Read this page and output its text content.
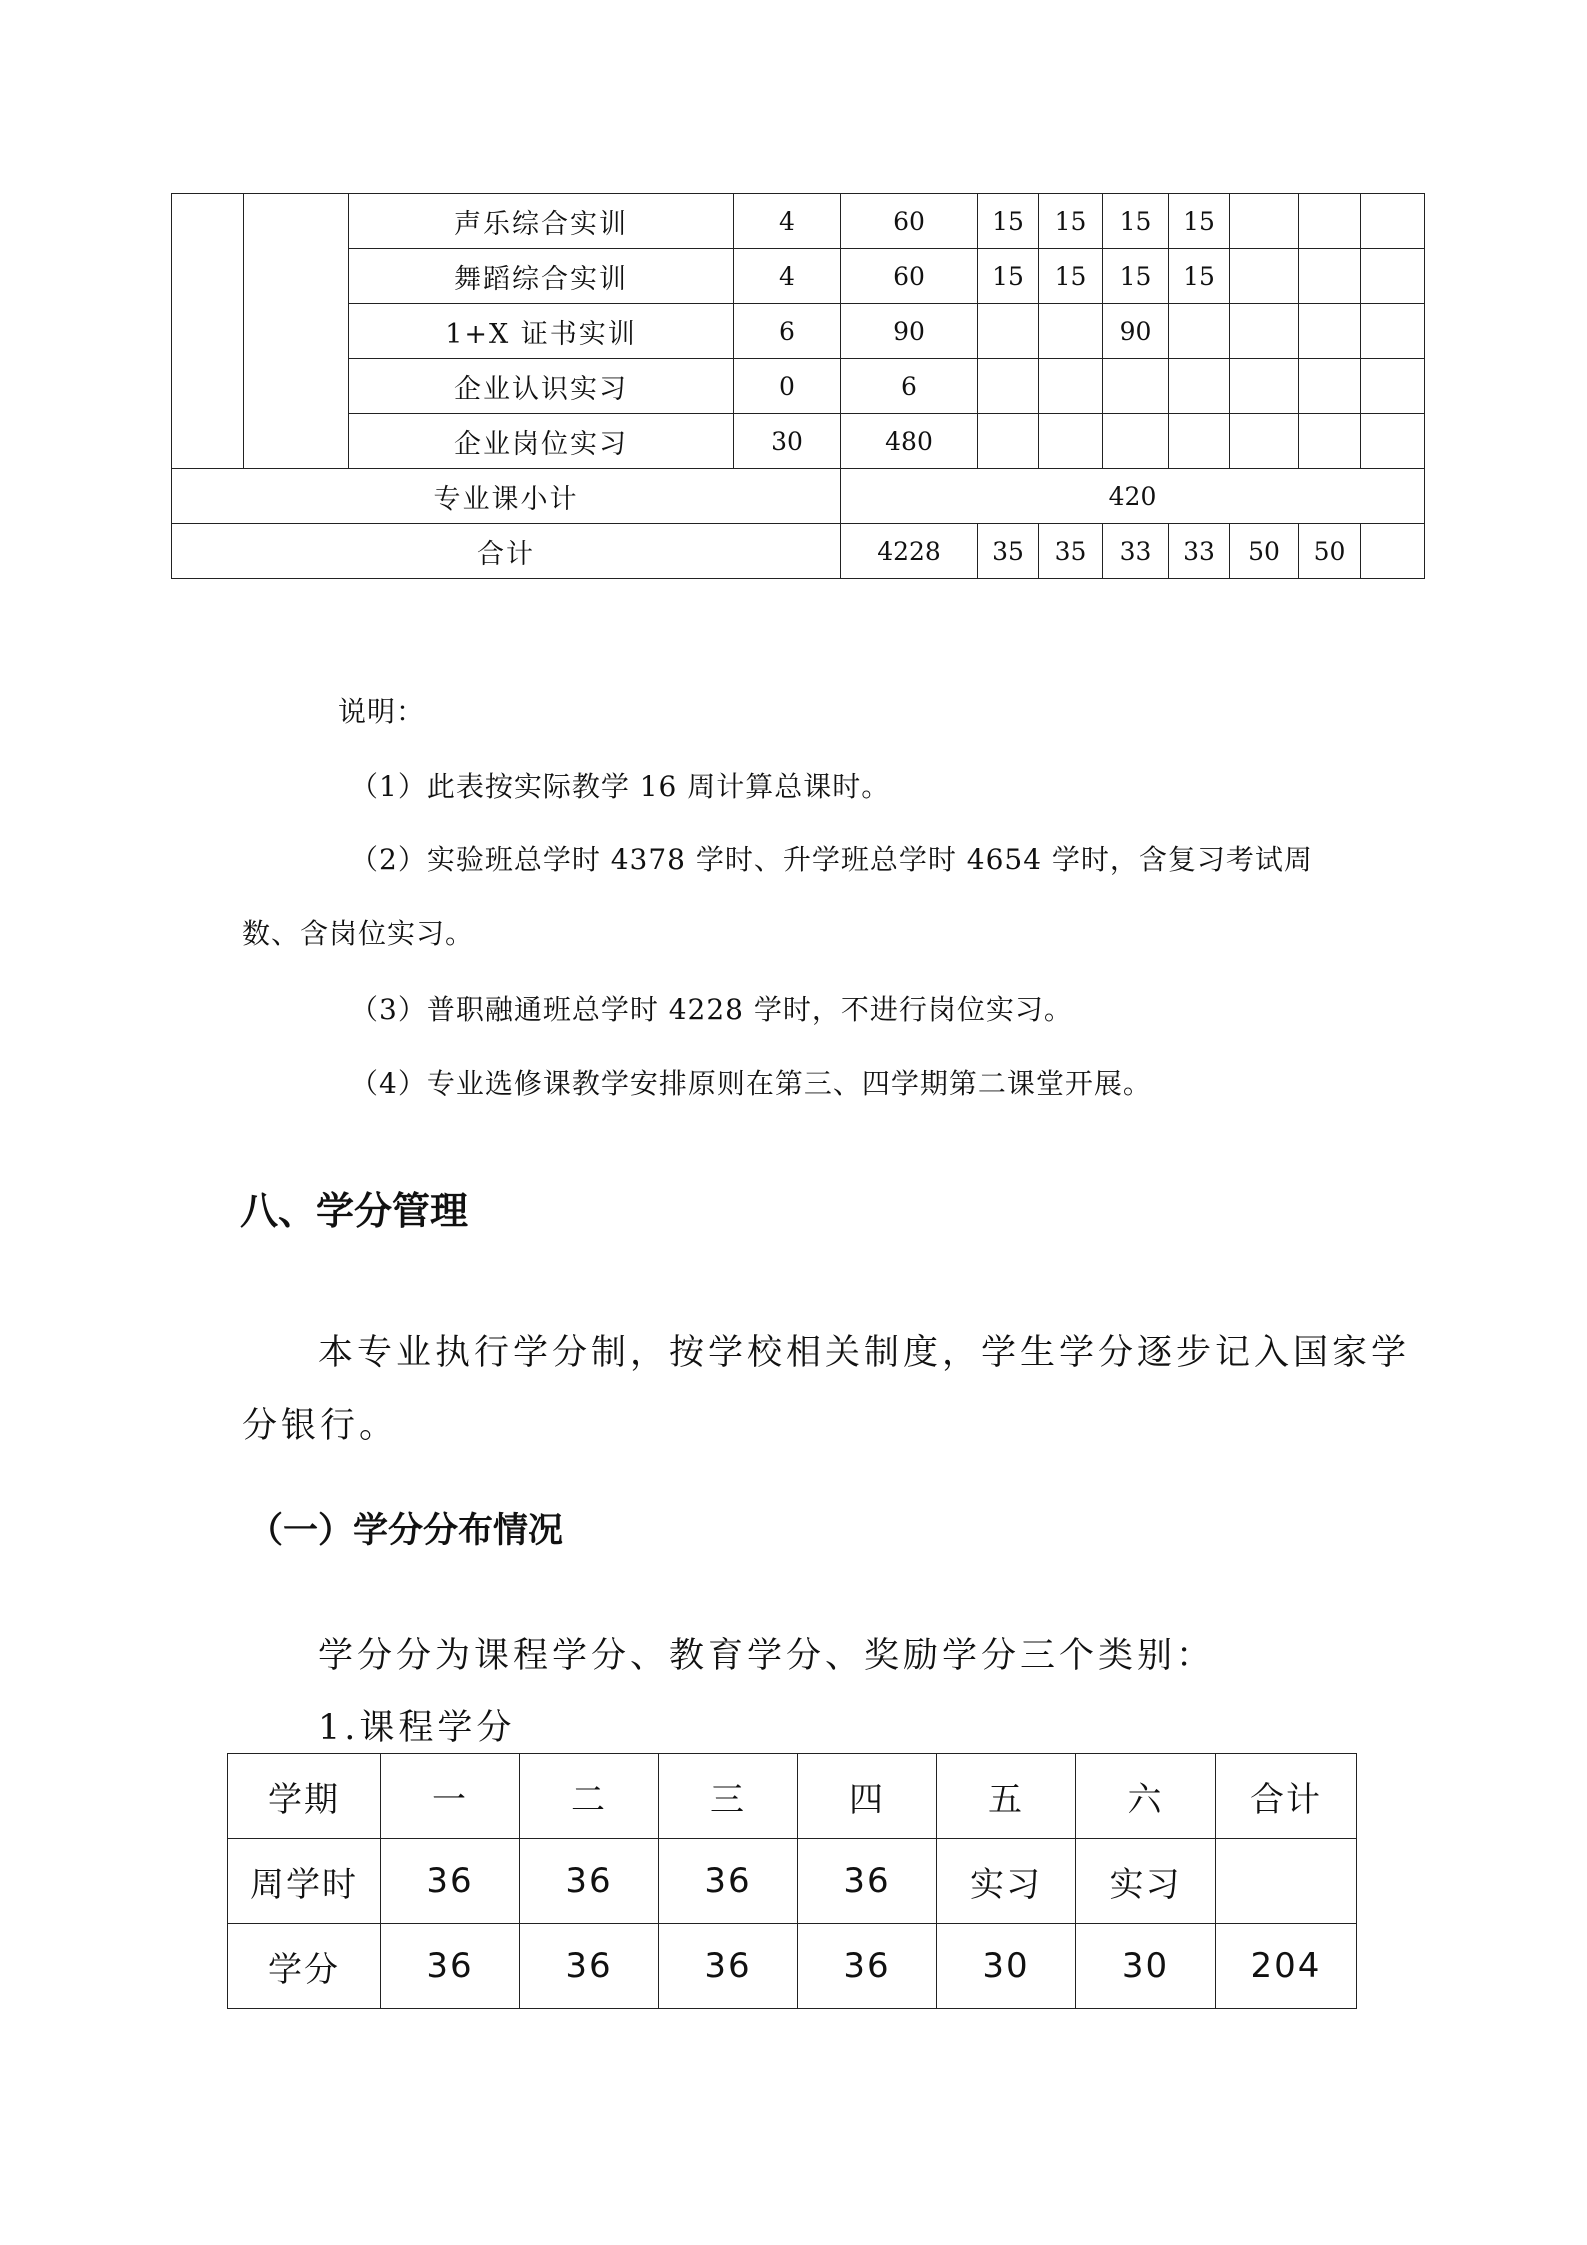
		声乐综合实训	4	60	15	15	15	15			
		舞蹈综合实训	4	60	15	15	15	15			
		1+X 证书实训	6	90			90				
		企业认识实习	0	6							
		企业岗位实习	30	480							
专业课小计				420							
合计				4228	35	35	33	33	50	50	

说明：

（1）此表按实际教学 16 周计算总课时。

（2）实验班总学时 4378 学时、升学班总学时 4654 学时，含复习考试周

数、含岗位实习。

（3）普职融通班总学时 4228 学时，不进行岗位实习。

（4）专业选修课教学安排原则在第三、四学期第二课堂开展。

八、学分管理

本专业执行学分制，按学校相关制度，学生学分逐步记入国家学

分银行。

（一）学分分布情况

学分分为课程学分、教育学分、奖励学分三个类别：

1.课程学分

学期	一	二	三	四	五	六	合计
周学时	36	36	36	36	实习	实习	
学分	36	36	36	36	30	30	204
